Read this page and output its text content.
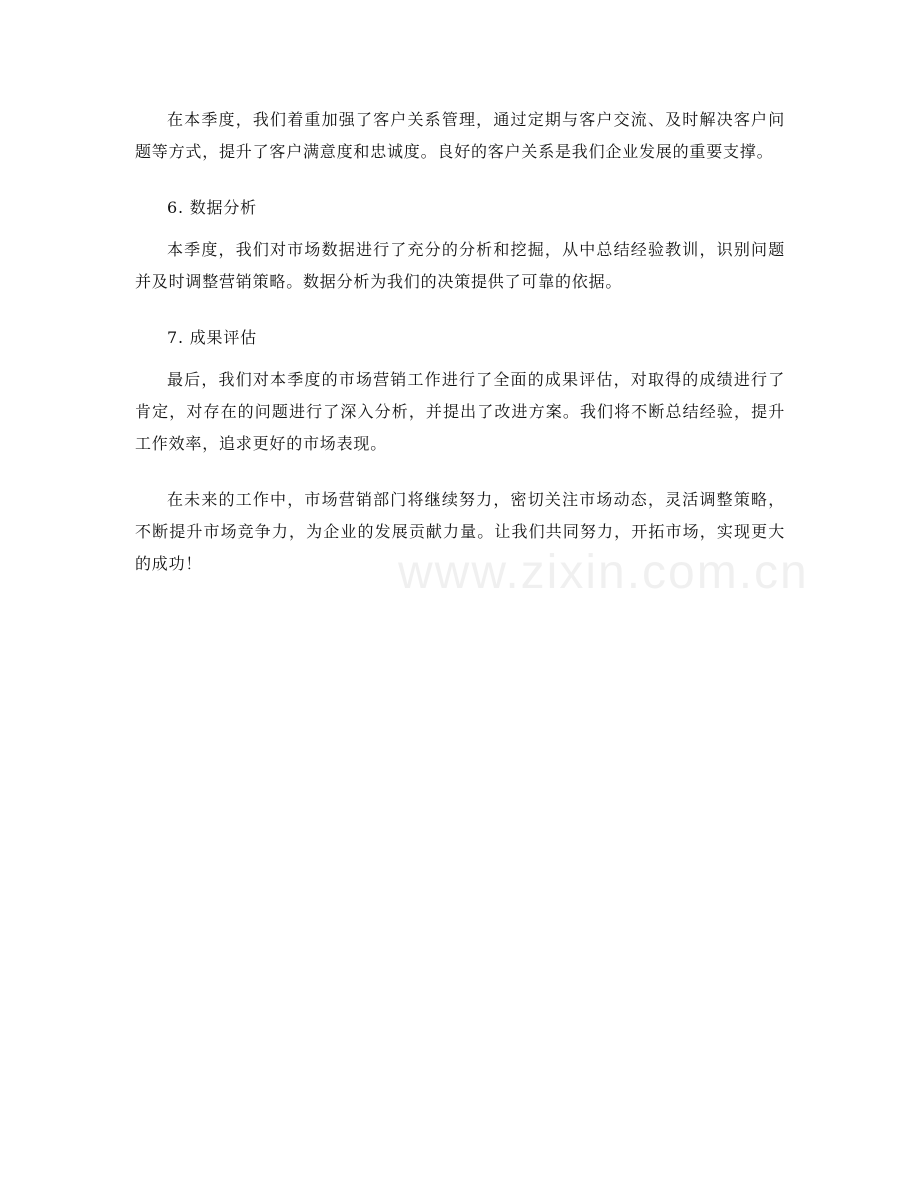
在本季度，我们着重加强了客户关系管理，通过定期与客户交流、及时解决客户问题等方式，提升了客户满意度和忠诚度。良好的客户关系是我们企业发展的重要支撑。

6. 数据分析

本季度，我们对市场数据进行了充分的分析和挖掘，从中总结经验教训，识别问题并及时调整营销策略。数据分析为我们的决策提供了可靠的依据。

7. 成果评估

最后，我们对本季度的市场营销工作进行了全面的成果评估，对取得的成绩进行了肯定，对存在的问题进行了深入分析，并提出了改进方案。我们将不断总结经验，提升工作效率，追求更好的市场表现。

在未来的工作中，市场营销部门将继续努力，密切关注市场动态，灵活调整策略，不断提升市场竞争力，为企业的发展贡献力量。让我们共同努力，开拓市场，实现更大的成功！	www.zixin.com.cn
